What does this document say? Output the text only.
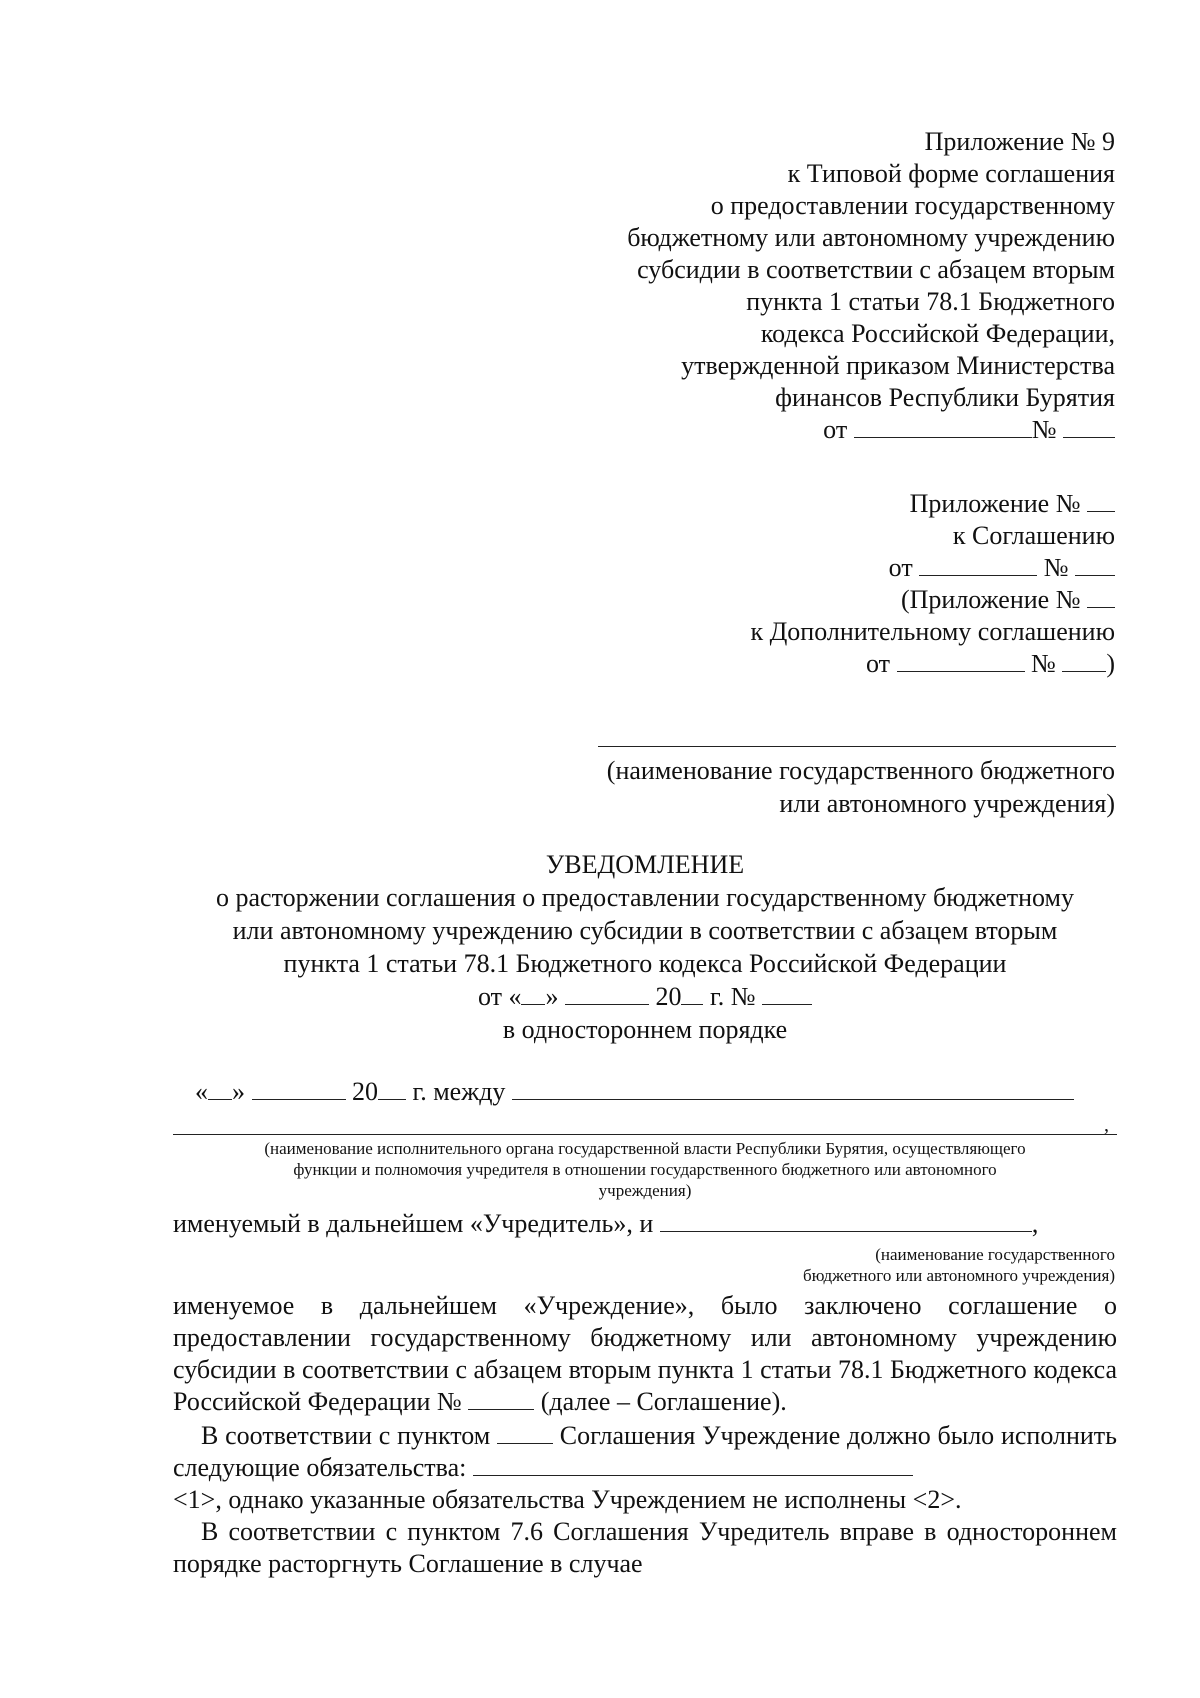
Приложение № 9
к Типовой форме соглашения
о предоставлении государственному
бюджетному или автономному учреждению
субсидии в соответствии с абзацем вторым
пункта 1 статьи 78.1 Бюджетного
кодекса Российской Федерации,
утвержденной приказом Министерства
финансов Республики Бурятия
от	№
Приложение №
к Соглашению
от	№
(Приложение №
к Дополнительному соглашению
от	№ )
(наименование государственного бюджетного
или автономного учреждения)
УВЕДОМЛЕНИЕ
о расторжении соглашения о предоставлении государственному бюджетному
или автономному учреждению субсидии в соответствии с абзацем вторым
пункта 1 статьи 78.1 Бюджетного кодекса Российской Федерации
от « »	20 г. №
в одностороннем порядке
« »	20 г. между
,
(наименование исполнительного органа государственной власти Республики Бурятия, осуществляющего
функции и полномочия учредителя в отношении государственного бюджетного или автономного
учреждения)
именуемый в дальнейшем «Учредитель», и	,
(наименование государственного
бюджетного или автономного учреждения)
именуемое в дальнейшем «Учреждение», было заключено соглашение о предоставлении государственному бюджетному или автономному учреждению субсидии в соответствии с абзацем вторым пункта 1 статьи 78.1 Бюджетного кодекса Российской Федерации №	(далее – Соглашение).
В соответствии с пунктом	Соглашения Учреждение должно было исполнить следующие обязательства:
<1>, однако указанные обязательства Учреждением не исполнены <2>.
В соответствии с пунктом 7.6 Соглашения Учредитель вправе в одностороннем порядке расторгнуть Соглашение в случае
